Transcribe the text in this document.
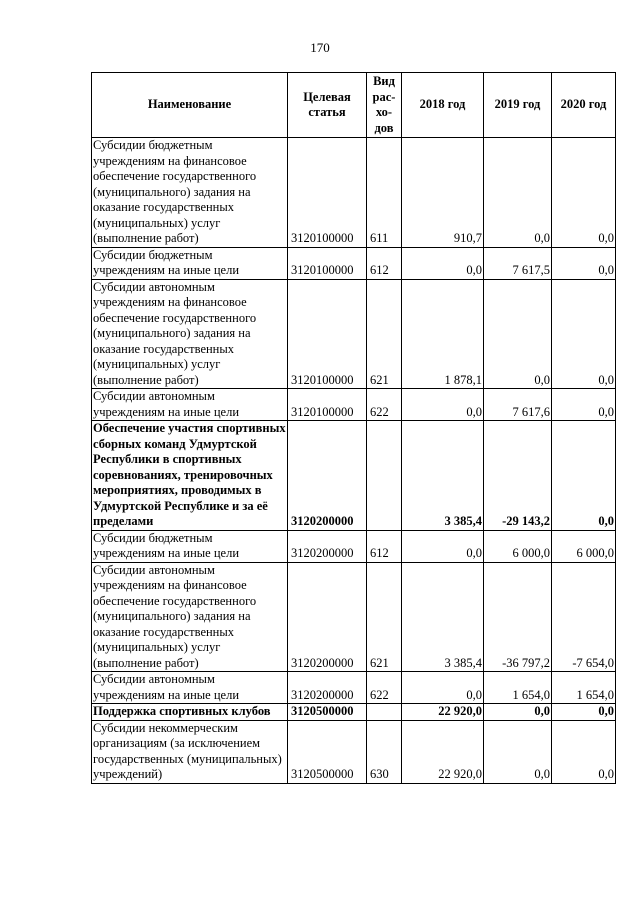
170
Наименование	Целевая статья	Вид рас-хо-дов	2018 год	2019 год	2020 год
Субсидии бюджетным учреждениям на финансовое обеспечение государственного (муниципального) задания на оказание государственных (муниципальных) услуг (выполнение работ)	3120100000	611	910,7	0,0	0,0
Субсидии бюджетным учреждениям на иные цели	3120100000	612	0,0	7 617,5	0,0
Субсидии автономным учреждениям на финансовое обеспечение государственного (муниципального) задания на оказание государственных (муниципальных) услуг (выполнение работ)	3120100000	621	1 878,1	0,0	0,0
Субсидии автономным учреждениям на иные цели	3120100000	622	0,0	7 617,6	0,0
Обеспечение участия спортивных сборных команд Удмуртской Республики в спортивных соревнованиях, тренировочных мероприятиях, проводимых в Удмуртской Республике и за её пределами	3120200000		3 385,4	-29 143,2	0,0
Субсидии бюджетным учреждениям на иные цели	3120200000	612	0,0	6 000,0	6 000,0
Субсидии автономным учреждениям на финансовое обеспечение государственного (муниципального) задания на оказание государственных (муниципальных) услуг (выполнение работ)	3120200000	621	3 385,4	-36 797,2	-7 654,0
Субсидии автономным учреждениям на иные цели	3120200000	622	0,0	1 654,0	1 654,0
Поддержка спортивных клубов	3120500000		22 920,0	0,0	0,0
Субсидии некоммерческим организациям (за исключением государственных (муниципальных) учреждений)	3120500000	630	22 920,0	0,0	0,0
